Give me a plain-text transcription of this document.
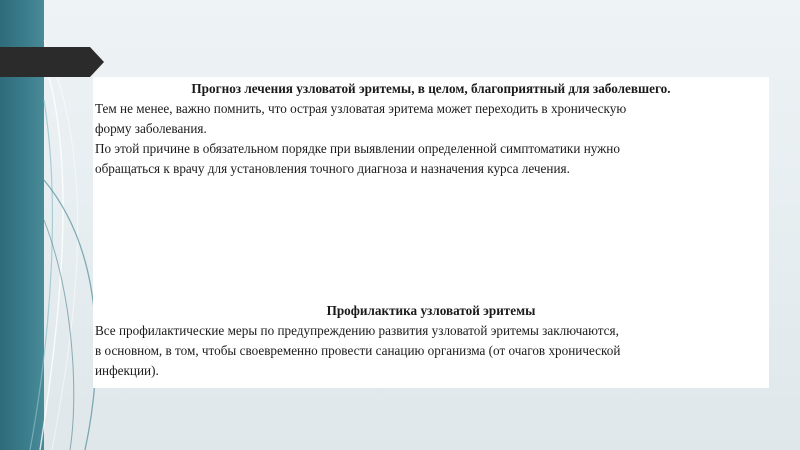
Прогноз лечения узловатой эритемы, в целом, благоприятный для заболевшего.

Тем не менее, важно помнить, что острая узловатая эритема может переходить в хроническую

форму заболевания.

По этой причине в обязательном порядке при выявлении определенной симптоматики нужно

обращаться к врачу для установления точного диагноза и назначения курса лечения.

Профилактика узловатой эритемы

Все профилактические меры по предупреждению развития узловатой эритемы заключаются,

в основном, в том, чтобы своевременно провести санацию организма (от очагов хронической

инфекции).
